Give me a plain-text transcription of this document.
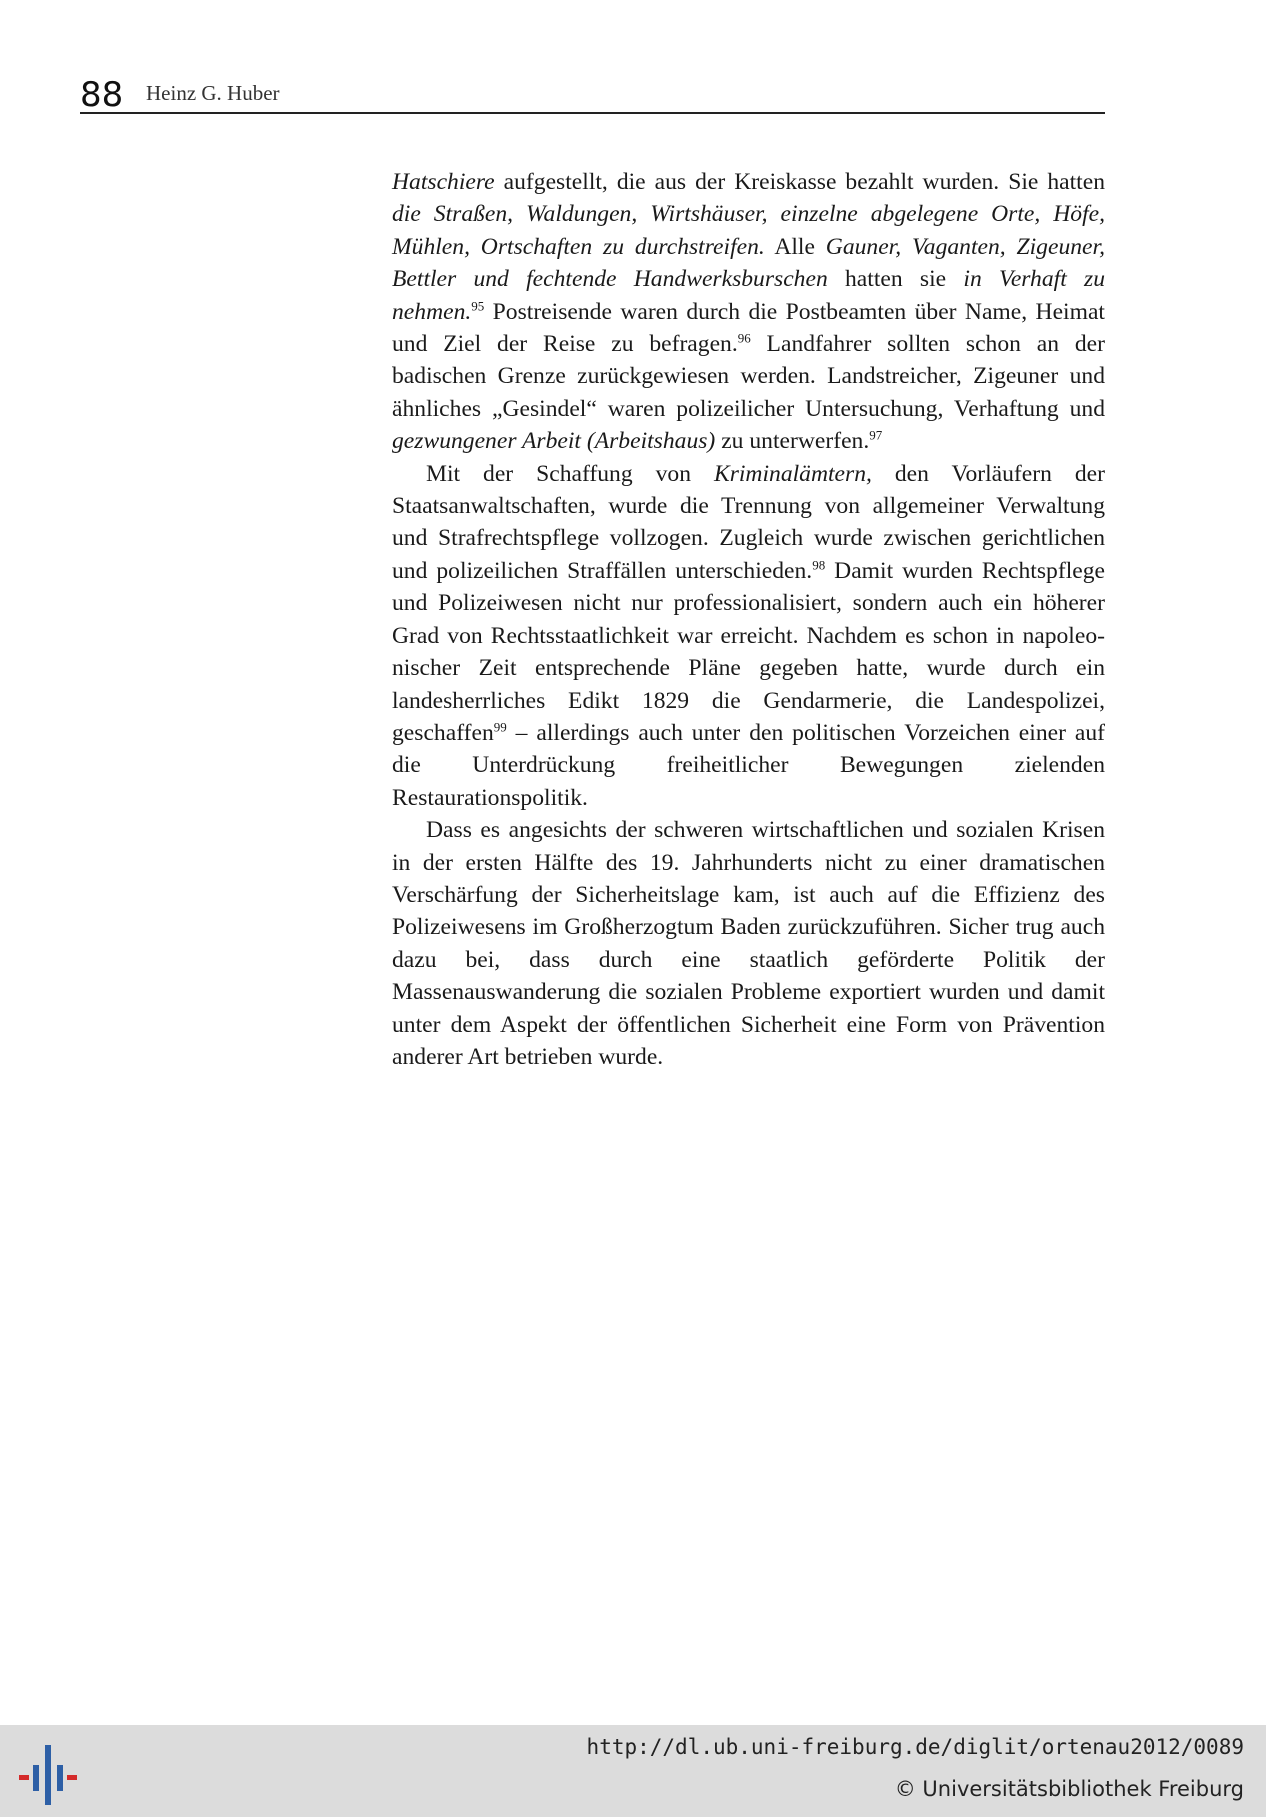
88 Heinz G. Huber

Hatschiere aufgestellt, die aus der Kreiskasse bezahlt wurden. Sie hatten die Straßen, Waldungen, Wirtshäuser, einzelne abgelegene Orte, Höfe, Mühlen, Ortschaften zu durchstreifen. Alle Gauner, Vaganten, Zigeuner, Bettler und fechtende Handwerksburschen hatten sie in Verhaft zu nehmen.$^{95}$ Postreisende waren durch die Postbeamten über Name, Heimat und Ziel der Reise zu befragen.$^{96}$ Landfahrer sollten schon an der badischen Grenze zurückgewiesen werden. Landstreicher, Zigeuner und ähnliches „Gesindel“ waren polizeilicher Untersuchung, Verhaftung und gezwungener Arbeit (Arbeitshaus) zu unterwerfen.$^{97}$

Mit der Schaffung von Kriminalämtern, den Vorläufern der Staatsanwaltschaften, wurde die Trennung von allgemeiner Verwaltung und Strafrechtspflege vollzogen. Zugleich wurde zwischen gerichtlichen und polizeilichen Straffällen unterschieden.$^{98}$ Damit wurden Rechtspflege und Polizeiwesen nicht nur professionalisiert, sondern auch ein höherer Grad von Rechtsstaatlichkeit war erreicht. Nachdem es schon in napoleonischer Zeit entsprechende Pläne gegeben hatte, wurde durch ein landesherrliches Edikt 1829 die Gendarmerie, die Landespolizei, geschaffen$^{99}$ – allerdings auch unter den politischen Vorzeichen einer auf die Unterdrückung freiheitlicher Bewegungen zielenden Restaurationspolitik.

Dass es angesichts der schweren wirtschaftlichen und sozialen Krisen in der ersten Hälfte des 19. Jahrhunderts nicht zu einer dramatischen Verschärfung der Sicherheitslage kam, ist auch auf die Effizienz des Polizeiwesens im Großherzogtum Baden zurückzuführen. Sicher trug auch dazu bei, dass durch eine staatlich geförderte Politik der Massenauswanderung die sozialen Probleme exportiert wurden und damit unter dem Aspekt der öffentlichen Sicherheit eine Form von Prävention anderer Art betrieben wurde.

http://dl.ub.uni-freiburg.de/diglit/ortenau2012/0089
© Universitätsbibliothek Freiburg
